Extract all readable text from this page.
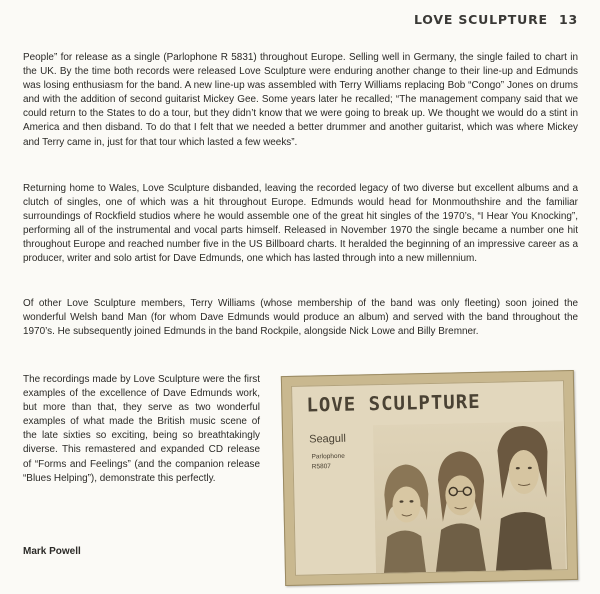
LOVE SCULPTURE 13

People” for release as a single (Parlophone R 5831) throughout Europe. Selling well in Germany, the single failed to chart in the UK. By the time both records were released Love Sculpture were enduring another change to their line-up and Edmunds was losing enthusiasm for the band. A new line-up was assembled with Terry Williams replacing Bob “Congo” Jones on drums and with the addition of second guitarist Mickey Gee. Some years later he recalled; “The management company said that we could return to the States to do a tour, but they didn’t know that we were going to break up. We thought we would do a stint in America and then disband. To do that I felt that we needed a better drummer and another guitarist, which was where Mickey and Terry came in, just for that tour which lasted a few weeks”.

Returning home to Wales, Love Sculpture disbanded, leaving the recorded legacy of two diverse but excellent albums and a clutch of singles, one of which was a hit throughout Europe. Edmunds would head for Monmouthshire and the familiar surroundings of Rockfield studios where he would assemble one of the great hit singles of the 1970’s, “I Hear You Knocking”, performing all of the instrumental and vocal parts himself. Released in November 1970 the single became a number one hit throughout Europe and reached number five in the US Billboard charts. It heralded the beginning of an impressive career as a producer, writer and solo artist for Dave Edmunds, one which has lasted through into a new millennium.

Of other Love Sculpture members, Terry Williams (whose membership of the band was only fleeting) soon joined the wonderful Welsh band Man (for whom Dave Edmunds would produce an album) and served with the band throughout the 1970’s. He subsequently joined Edmunds in the band Rockpile, alongside Nick Lowe and Billy Bremner.

The recordings made by Love Sculpture were the first examples of the excellence of Dave Edmunds work, but more than that, they serve as two wonderful examples of what made the British music scene of the late sixties so exciting, being so breathtakingly diverse. This remastered and expanded CD release of “Forms and Feelings” (and the companion release “Blues Helping”), demonstrate this perfectly.

Mark Powell
LOVE SCULPTURE
Seagull
Parlophone
R5807
